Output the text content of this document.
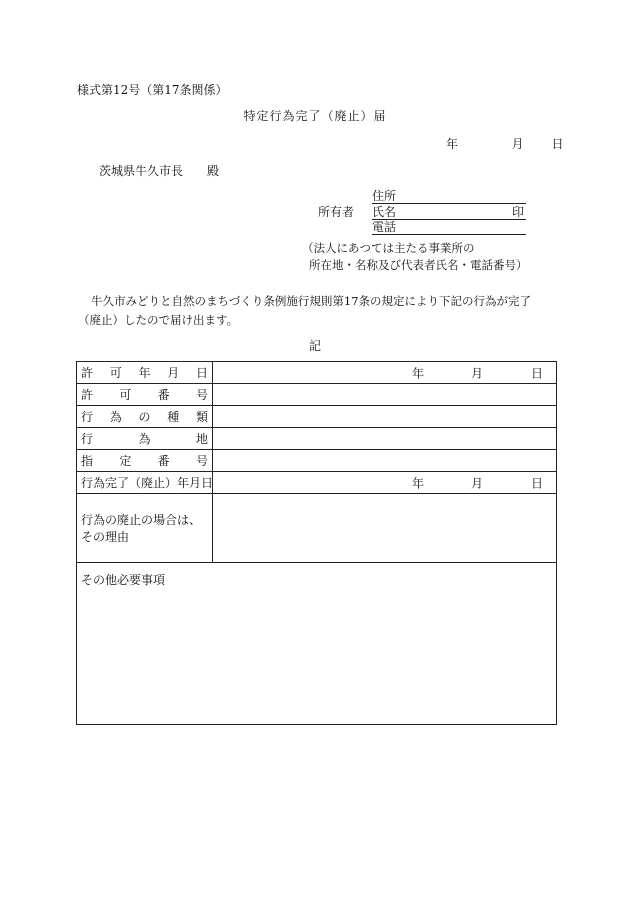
様式第12号（第17条関係）
特定行為完了（廃止）届
年	月 日
茨城県牛久市長　　殿
所有者
住所
氏名	印
電話
（法人にあつては主たる事業所の
所在地・名称及び代表者氏名・電話番号）
牛久市みどりと自然のまちづくり条例施行規則第17条の規定により下記の行為が完了
（廃止）したので届け出ます。
記
許 可 年 月 日	年 月 日

許 可 番 号	

行 為 の 種 類	

行 為 地	

指 定 番 号	

行為完了（廃止）年月日	年 月 日

行為の廃止の場合は、
その理由	

その他必要事項	
